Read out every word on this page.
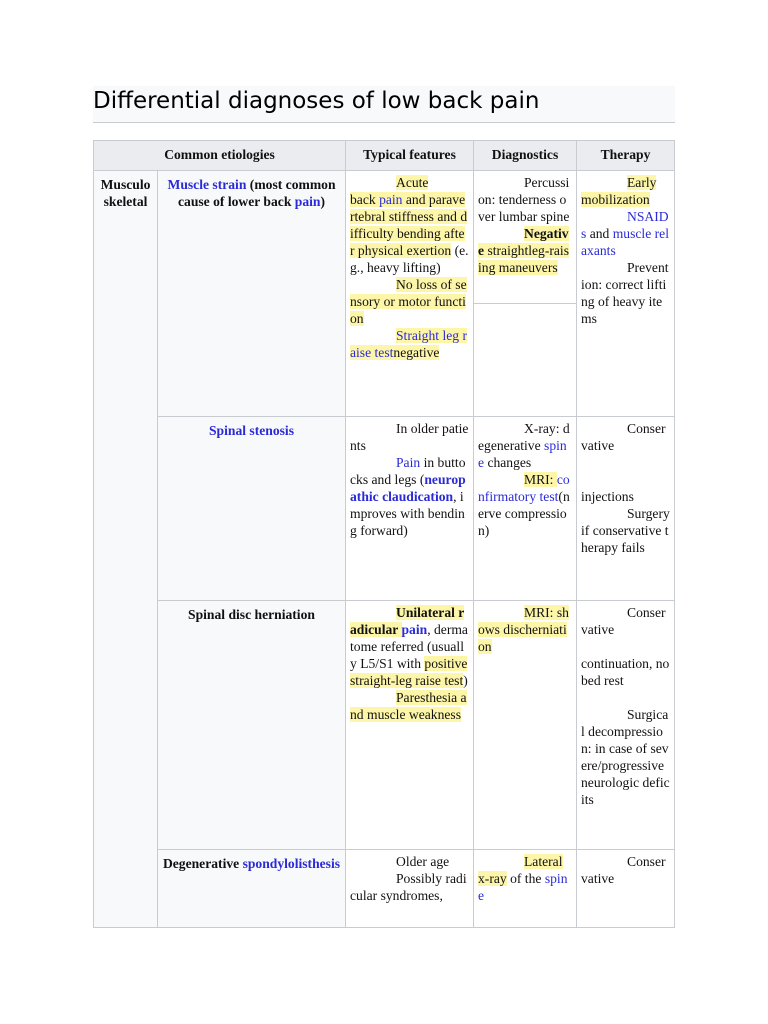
Differential diagnoses of low back pain
Common etiologies		Typical features	Diagnostics	Therapy
Musculoskeletal	Muscle strain (most common cause of lower back pain)	Acute
back pain and paravertebral stiffness and difficulty bending after physical exertion (e.g., heavy lifting)
No loss of sensory or motor function
Straight leg raise testnegative	Percussion: tenderness over lumbar spine
Negative straightleg-raising maneuvers	Early mobilization
NSAIDs and muscle relaxants
Prevention: correct lifting of heavy items

	Spinal stenosis	In older patients
Pain in buttocks and legs (neuropathic claudication, improves with bending forward)	X-ray: degenerative spine changes
MRI: confirmatory test(nerve compression)	Conservative
injections
Surgery if conservative therapy fails

	Spinal disc herniation	Unilateral radicular pain, dermatome referred (usually L5/S1 with positive straight-leg raise test)
Paresthesia and muscle weakness	MRI: shows discherniation	Conservative
continuation, no bed rest
Surgical decompression: in case of severe/progressive neurologic deficits

	Degenerative spondylolisthesis	Older age
Possibly radicular syndromes,	Lateral x-ray of the spine	Conservative
